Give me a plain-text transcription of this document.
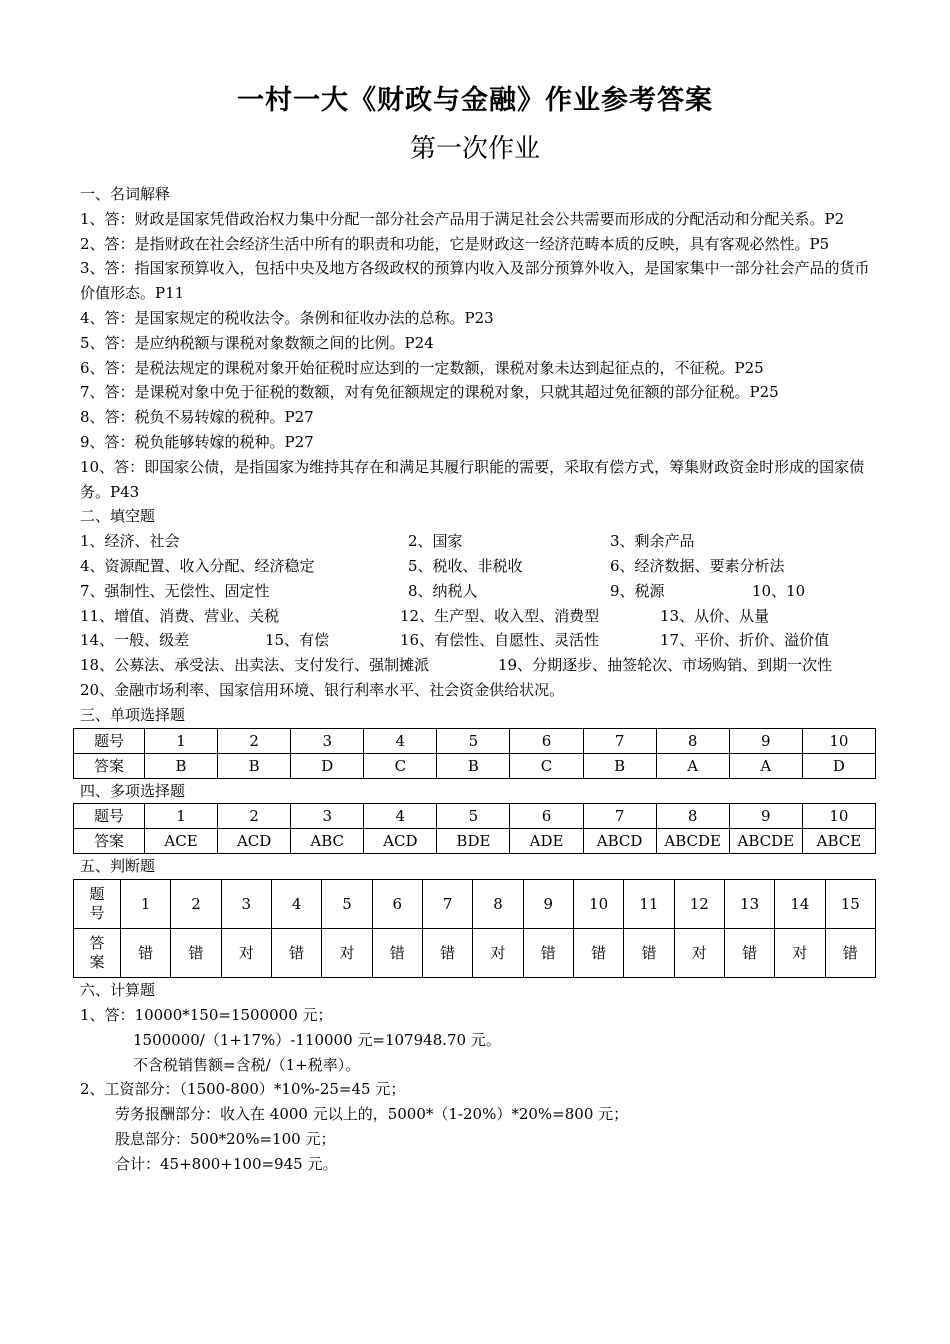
一村一大《财政与金融》作业参考答案
第一次作业

一、名词解释

1、答：财政是国家凭借政治权力集中分配一部分社会产品用于满足社会公共需要而形成的分配活动和分配关系。P2

2、答：是指财政在社会经济生活中所有的职责和功能，它是财政这一经济范畴本质的反映，具有客观必然性。P5

3、答：指国家预算收入，包括中央及地方各级政权的预算内收入及部分预算外收入，是国家集中一部分社会产品的货币价值形态。P11

4、答：是国家规定的税收法令。条例和征收办法的总称。P23

5、答：是应纳税额与课税对象数额之间的比例。P24

6、答：是税法规定的课税对象开始征税时应达到的一定数额，课税对象未达到起征点的，不征税。P25

7、答：是课税对象中免于征税的数额，对有免征额规定的课税对象，只就其超过免征额的部分征税。P25

8、答：税负不易转嫁的税种。P27

9、答：税负能够转嫁的税种。P27

10、答：即国家公债，是指国家为维持其存在和满足其履行职能的需要，采取有偿方式，筹集财政资金时形成的国家债务。P43

二、填空题

1、经济、社会	2、国家	3、剩余产品
4、资源配置、收入分配、经济稳定	5、税收、非税收	6、经济数据、要素分析法
7、强制性、无偿性、固定性	8、纳税人	9、税源	10、10
11、增值、消费、营业、关税	12、生产型、收入型、消费型	13、从价、从量
14、一般、级差	15、有偿	16、有偿性、自愿性、灵活性	17、平价、折价、溢价值
18、公募法、承受法、出卖法、支付发行、强制摊派	19、分期逐步、抽签轮次、市场购销、到期一次性
20、金融市场利率、国家信用环境、银行利率水平、社会资金供给状况。

三、单项选择题

题号	1	2	3	4	5	6	7	8	9	10
答案	B	B	D	C	B	C	B	A	A	D

四、多项选择题

题号	1	2	3	4	5	6	7	8	9	10
答案	ACE	ACD	ABC	ACD	BDE	ADE	ABCD	ABCDE	ABCDE	ABCE

五、判断题

题号	1	2	3	4	5	6	7	8	9	10	11	12	13	14	15
答案	错	错	对	错	对	错	错	对	错	错	错	对	错	对	错

六、计算题

1、答：10000*150=1500000 元；

1500000/（1+17%）-110000 元=107948.70 元。

不含税销售额=含税/（1+税率）。

2、工资部分：（1500-800）*10%-25=45 元；

劳务报酬部分：收入在 4000 元以上的，5000*（1-20%）*20%=800 元；

股息部分：500*20%=100 元；

合计：45+800+100=945 元。
